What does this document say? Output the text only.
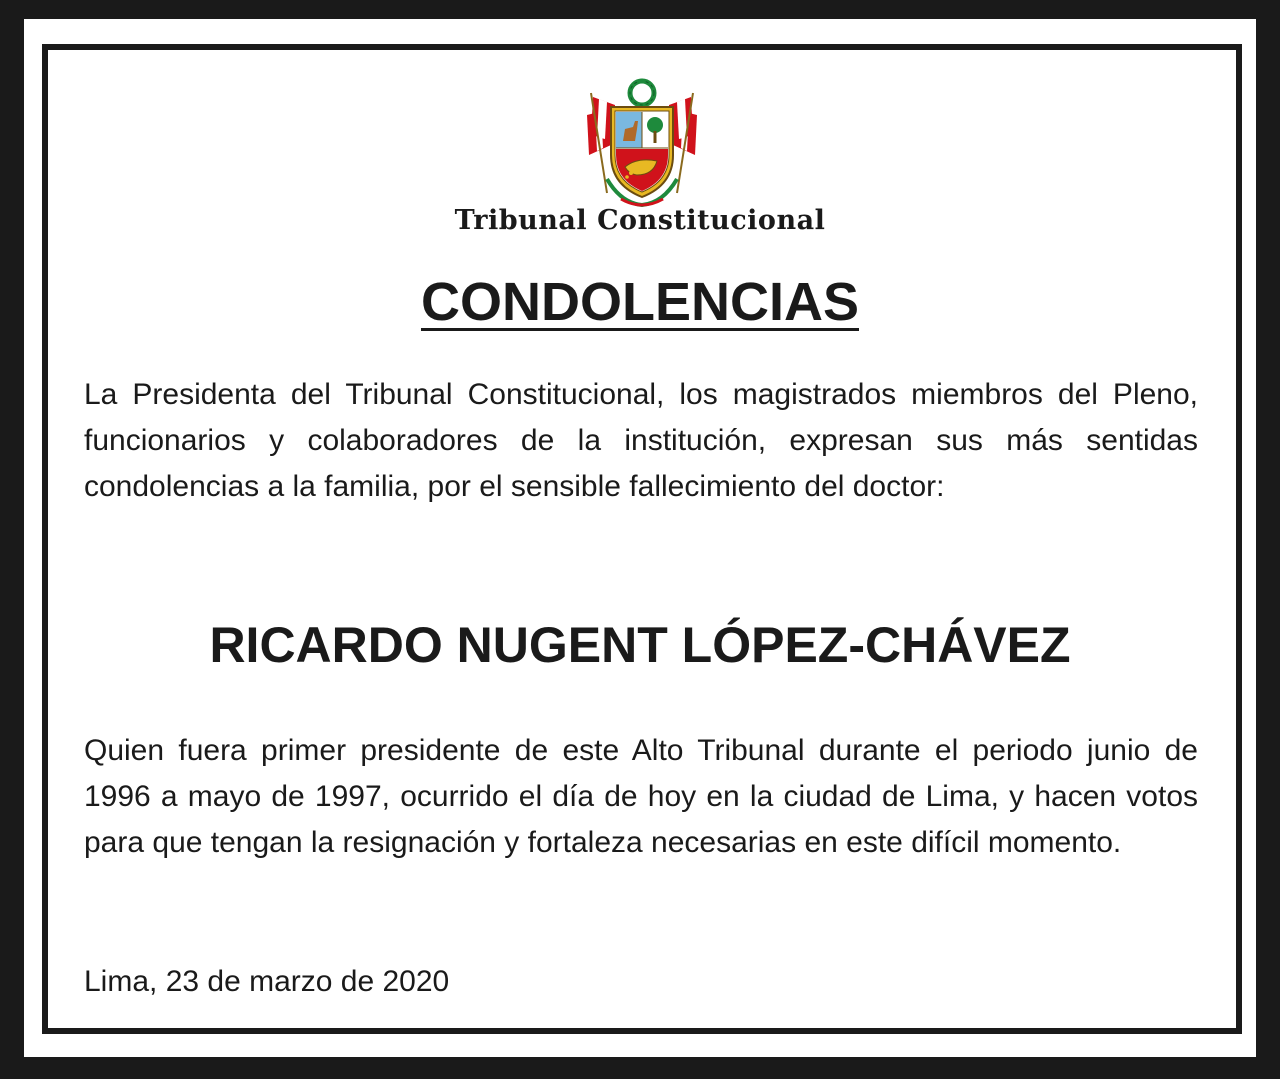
Tribunal Constitucional
CONDOLENCIAS
La Presidenta del Tribunal Constitucional, los magistrados miembros del Pleno, funcionarios y colaboradores de la institución, expresan sus más sentidas condolencias a la familia, por el sensible fallecimiento del doctor:
RICARDO NUGENT LÓPEZ-CHÁVEZ
Quien fuera primer presidente de este Alto Tribunal durante el periodo junio de 1996 a mayo de 1997, ocurrido el día de hoy en la ciudad de Lima, y hacen votos para que tengan la resignación y fortaleza necesarias en este difícil momento.
Lima, 23 de marzo de 2020
